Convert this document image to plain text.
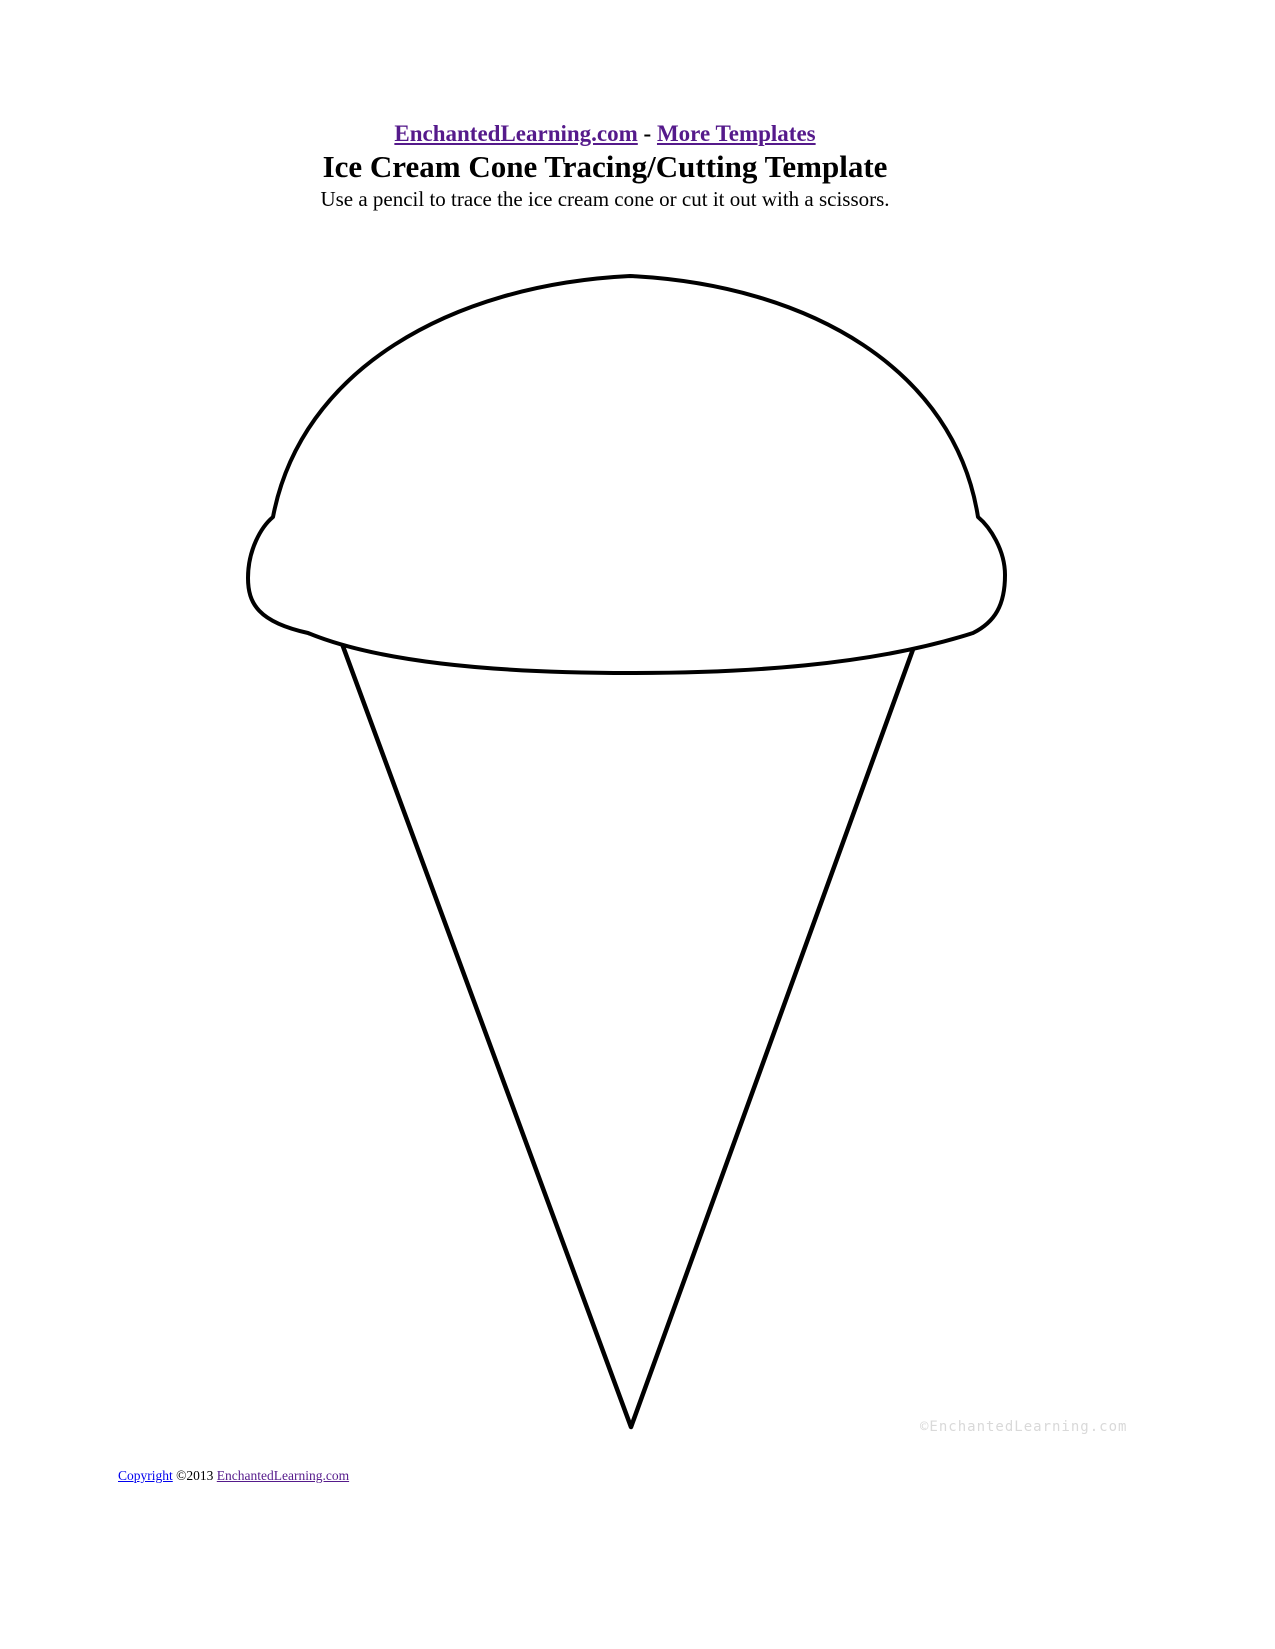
EnchantedLearning.com - More Templates
Ice Cream Cone Tracing/Cutting Template
Use a pencil to trace the ice cream cone or cut it out with a scissors.
©EnchantedLearning.com
Copyright ©2013 EnchantedLearning.com
